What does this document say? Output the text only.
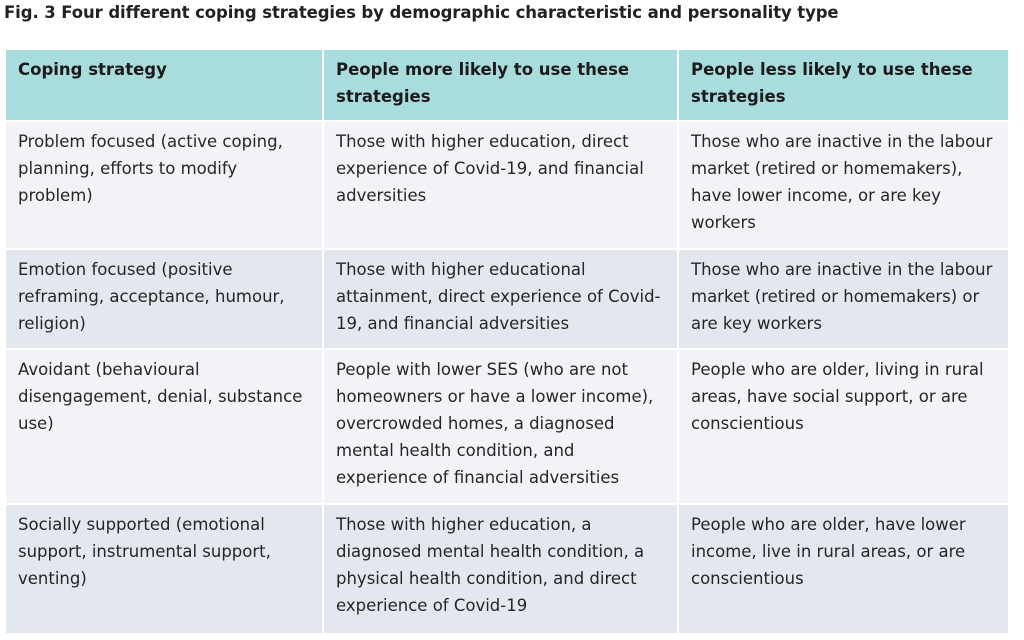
Fig. 3 Four different coping strategies by demographic characteristic and personality type
Coping strategy	People more likely to use these strategies	People less likely to use these strategies
Problem focused (active coping, planning, efforts to modify problem)	Those with higher education, direct experience of Covid-19, and financial adversities	Those who are inactive in the labour market (retired or homemakers), have lower income, or are key workers
Emotion focused (positive reframing, acceptance, humour, religion)	Those with higher educational attainment, direct experience of Covid-19, and financial adversities	Those who are inactive in the labour market (retired or homemakers) or are key workers
Avoidant (behavioural disengagement, denial, substance use)	People with lower SES (who are not homeowners or have a lower income), overcrowded homes, a diagnosed mental health condition, and experience of financial adversities	People who are older, living in rural areas, have social support, or are conscientious
Socially supported (emotional support, instrumental support, venting)	Those with higher education, a diagnosed mental health condition, a physical health condition, and direct experience of Covid-19	People who are older, have lower income, live in rural areas, or are conscientious
